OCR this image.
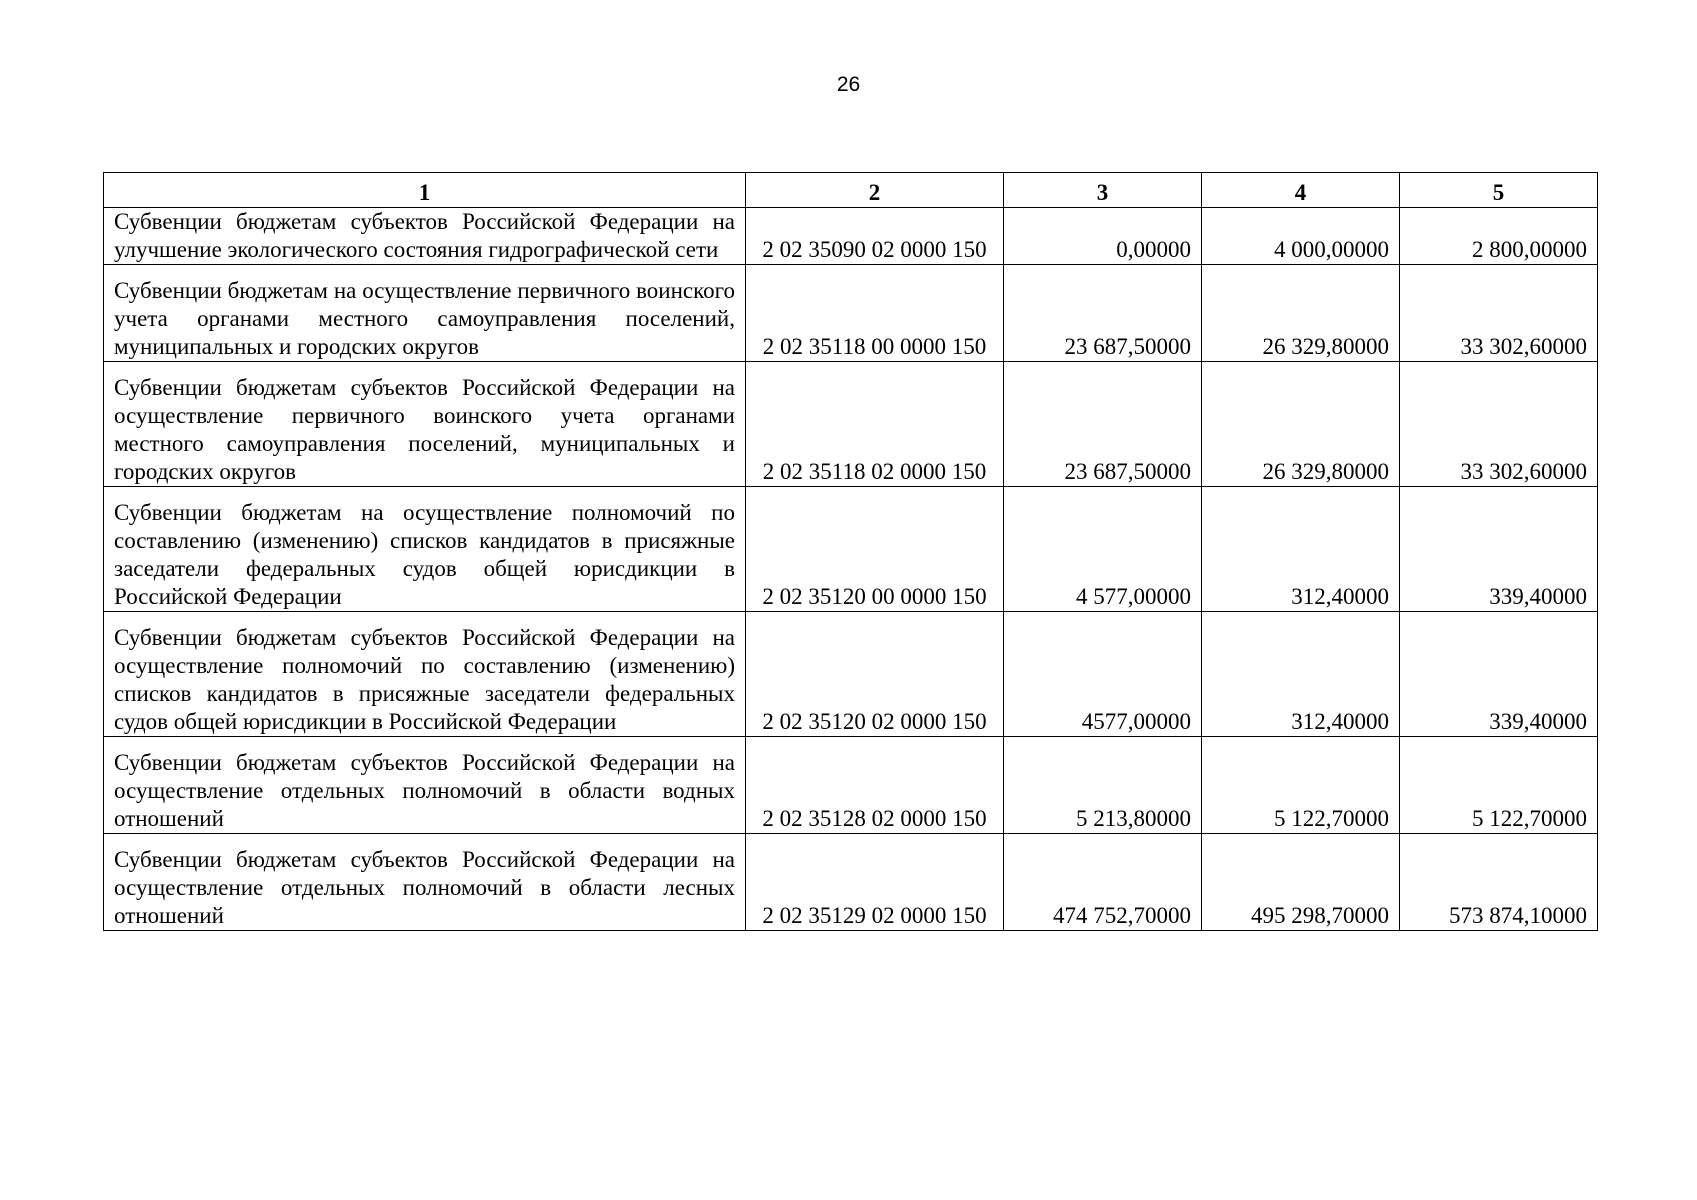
26
1	2	3	4	5
Субвенции бюджетам субъектов Российской Федерации на улучшение экологического состояния гидрографической сети	2 02 35090 02 0000 150	0,00000	4 000,00000	2 800,00000
Субвенции бюджетам на осуществление первичного воинского учета органами местного самоуправления поселений, муниципальных и городских округов	2 02 35118 00 0000 150	23 687,50000	26 329,80000	33 302,60000
Субвенции бюджетам субъектов Российской Федерации на осуществление первичного воинского учета органами местного самоуправления поселений, муниципальных и городских округов	2 02 35118 02 0000 150	23 687,50000	26 329,80000	33 302,60000
Субвенции бюджетам на осуществление полномочий по составлению (изменению) списков кандидатов в присяжные заседатели федеральных судов общей юрисдикции в Российской Федерации	2 02 35120 00 0000 150	4 577,00000	312,40000	339,40000
Субвенции бюджетам субъектов Российской Федерации на осуществление полномочий по составлению (изменению) списков кандидатов в присяжные заседатели федеральных судов общей юрисдикции в Российской Федерации	2 02 35120 02 0000 150	4577,00000	312,40000	339,40000
Субвенции бюджетам субъектов Российской Федерации на осуществление отдельных полномочий в области водных отношений	2 02 35128 02 0000 150	5 213,80000	5 122,70000	5 122,70000
Субвенции бюджетам субъектов Российской Федерации на осуществление отдельных полномочий в области лесных отношений	2 02 35129 02 0000 150	474 752,70000	495 298,70000	573 874,10000
